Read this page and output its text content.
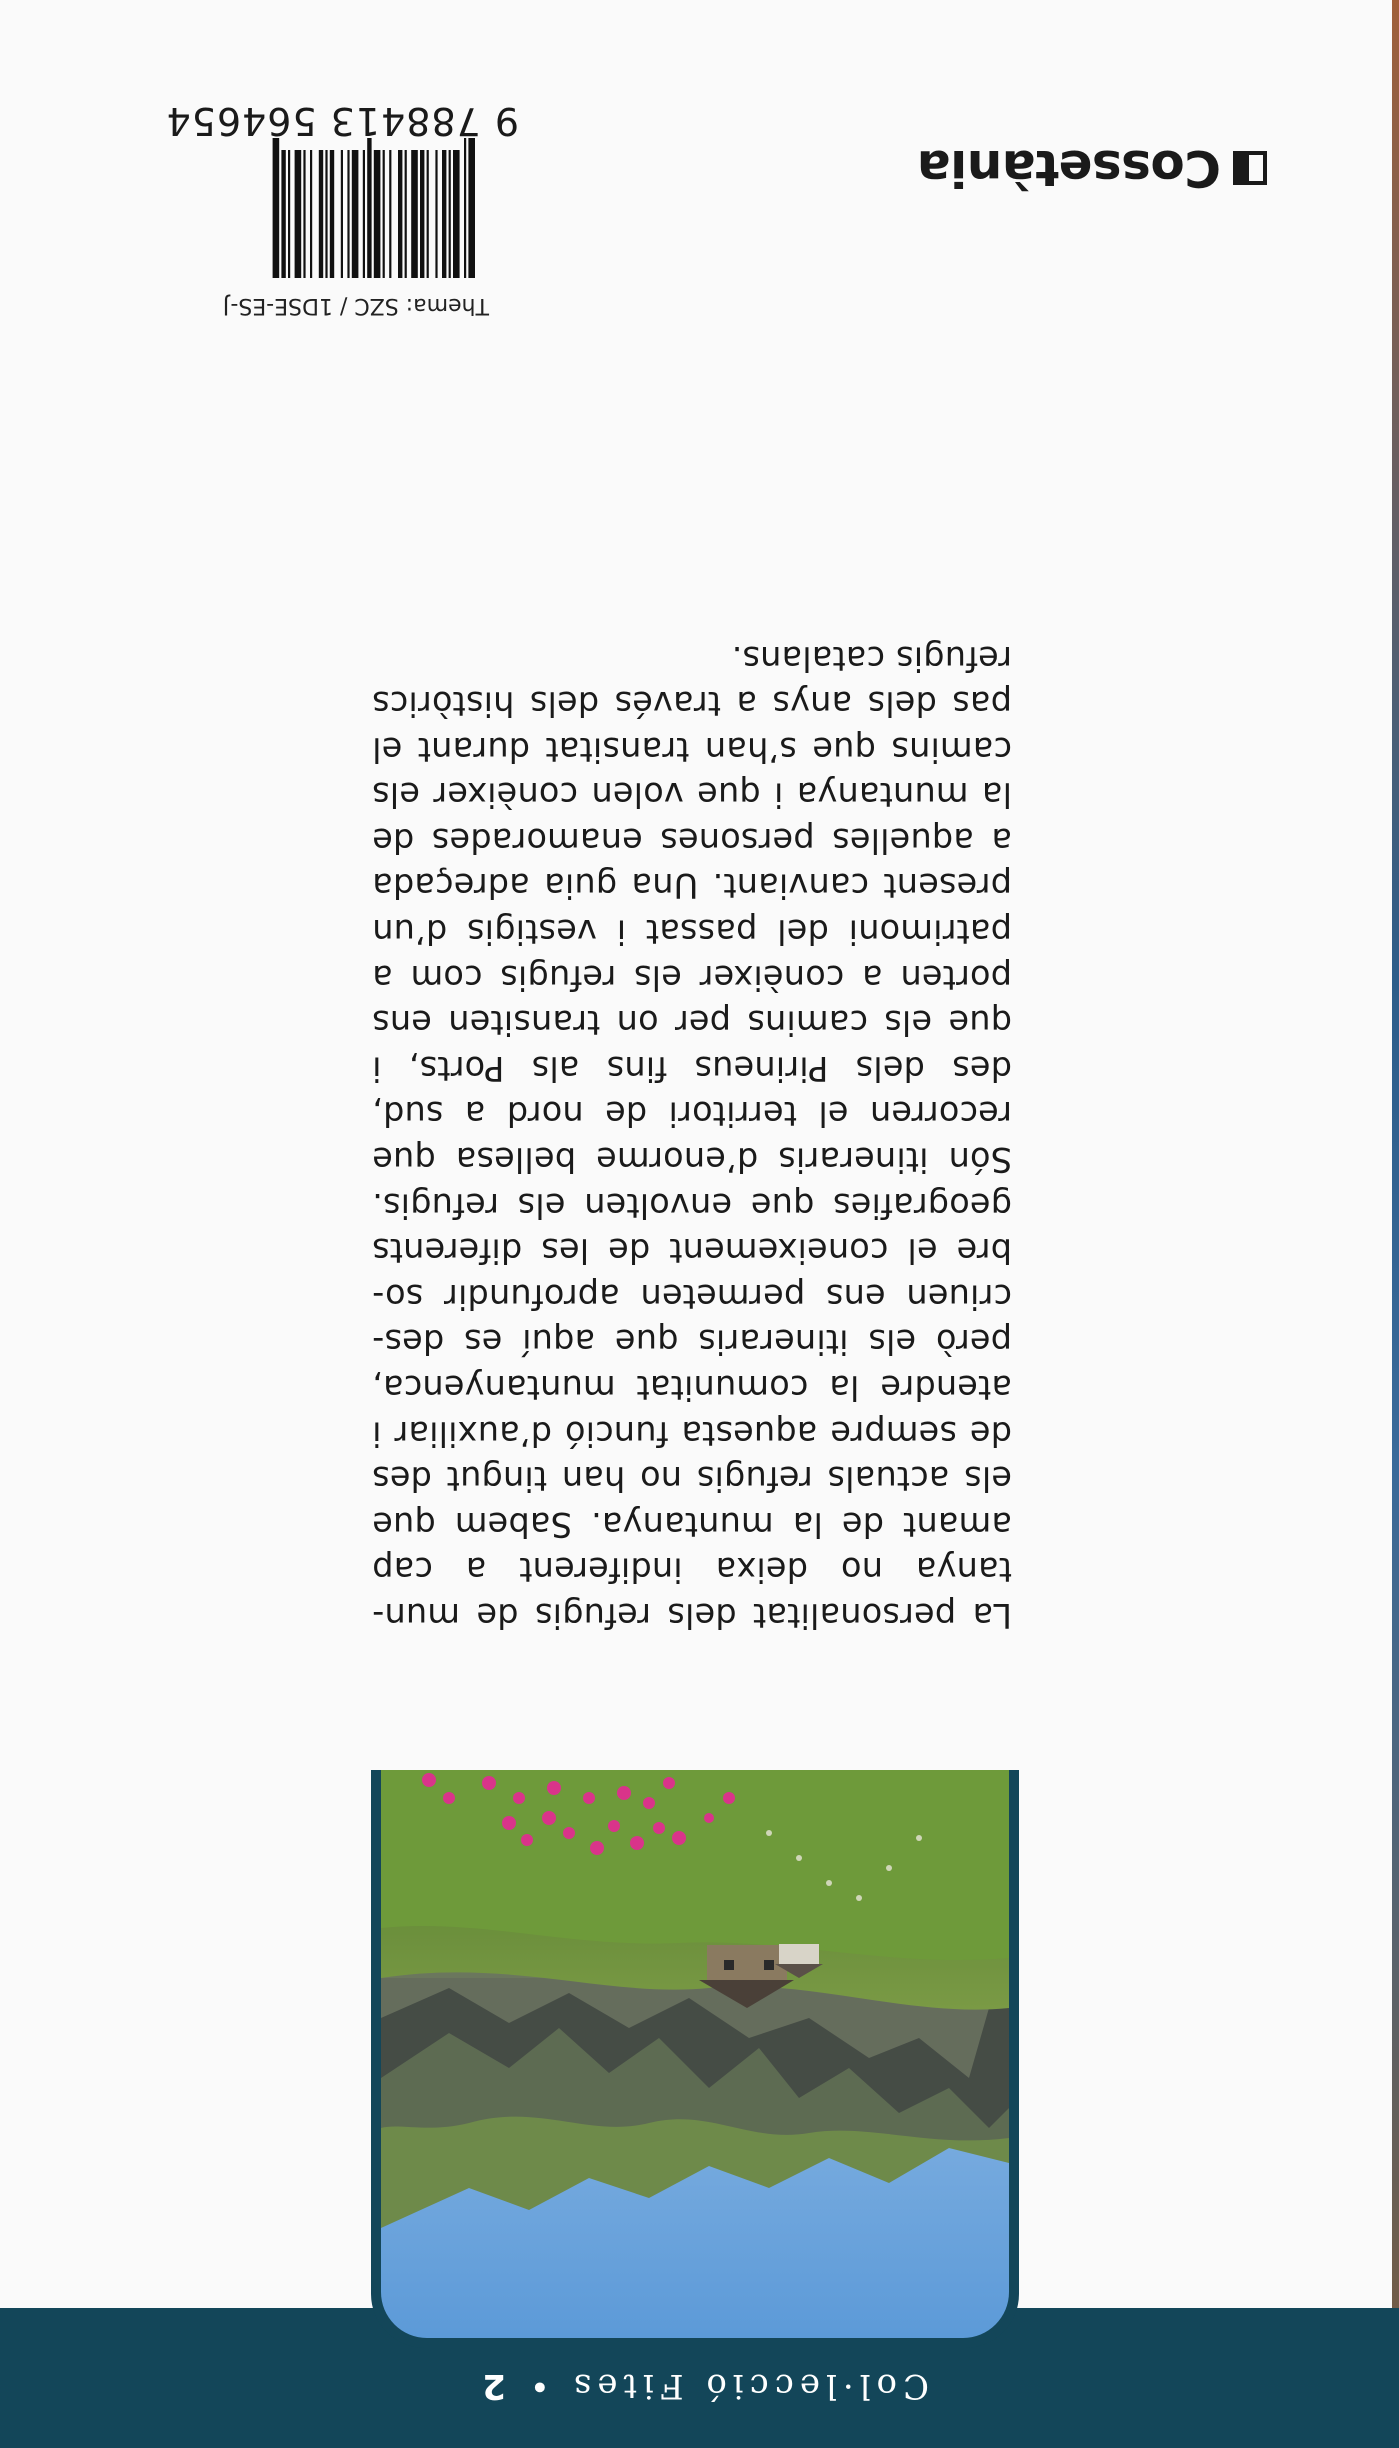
Col·lecció Fites•2
La personalitat dels refugis de mun-
tanya no deixa indiferent a cap
amant de la muntanya. Sabem que
els actuals refugis no han tingut des
de sempre aquesta funció d’auxiliar i
atendre la comunitat muntanyenca,
però els itineraris que aquí es des-
criuen ens permeten aprofundir so-
bre el coneixement de les diferents
geografies que envolten els refugis.
Són itineraris d’enorme bellesa que
recorren el territori de nord a sud,
des dels Pirineus fins als Ports, i
que els camins per on transiten ens
porten a conèixer els refugis com a
patrimoni del passat i vestigis d’un
present canviant. Una guia adreçada
a aquelles persones enamorades de
la muntanya i que volen conèixer els
camins que s’han transitat durant el
pas dels anys a través dels històrics
refugis catalans.
Thema: SZC / 1DSE-ES-J
9 788413 564654
Cossetània
